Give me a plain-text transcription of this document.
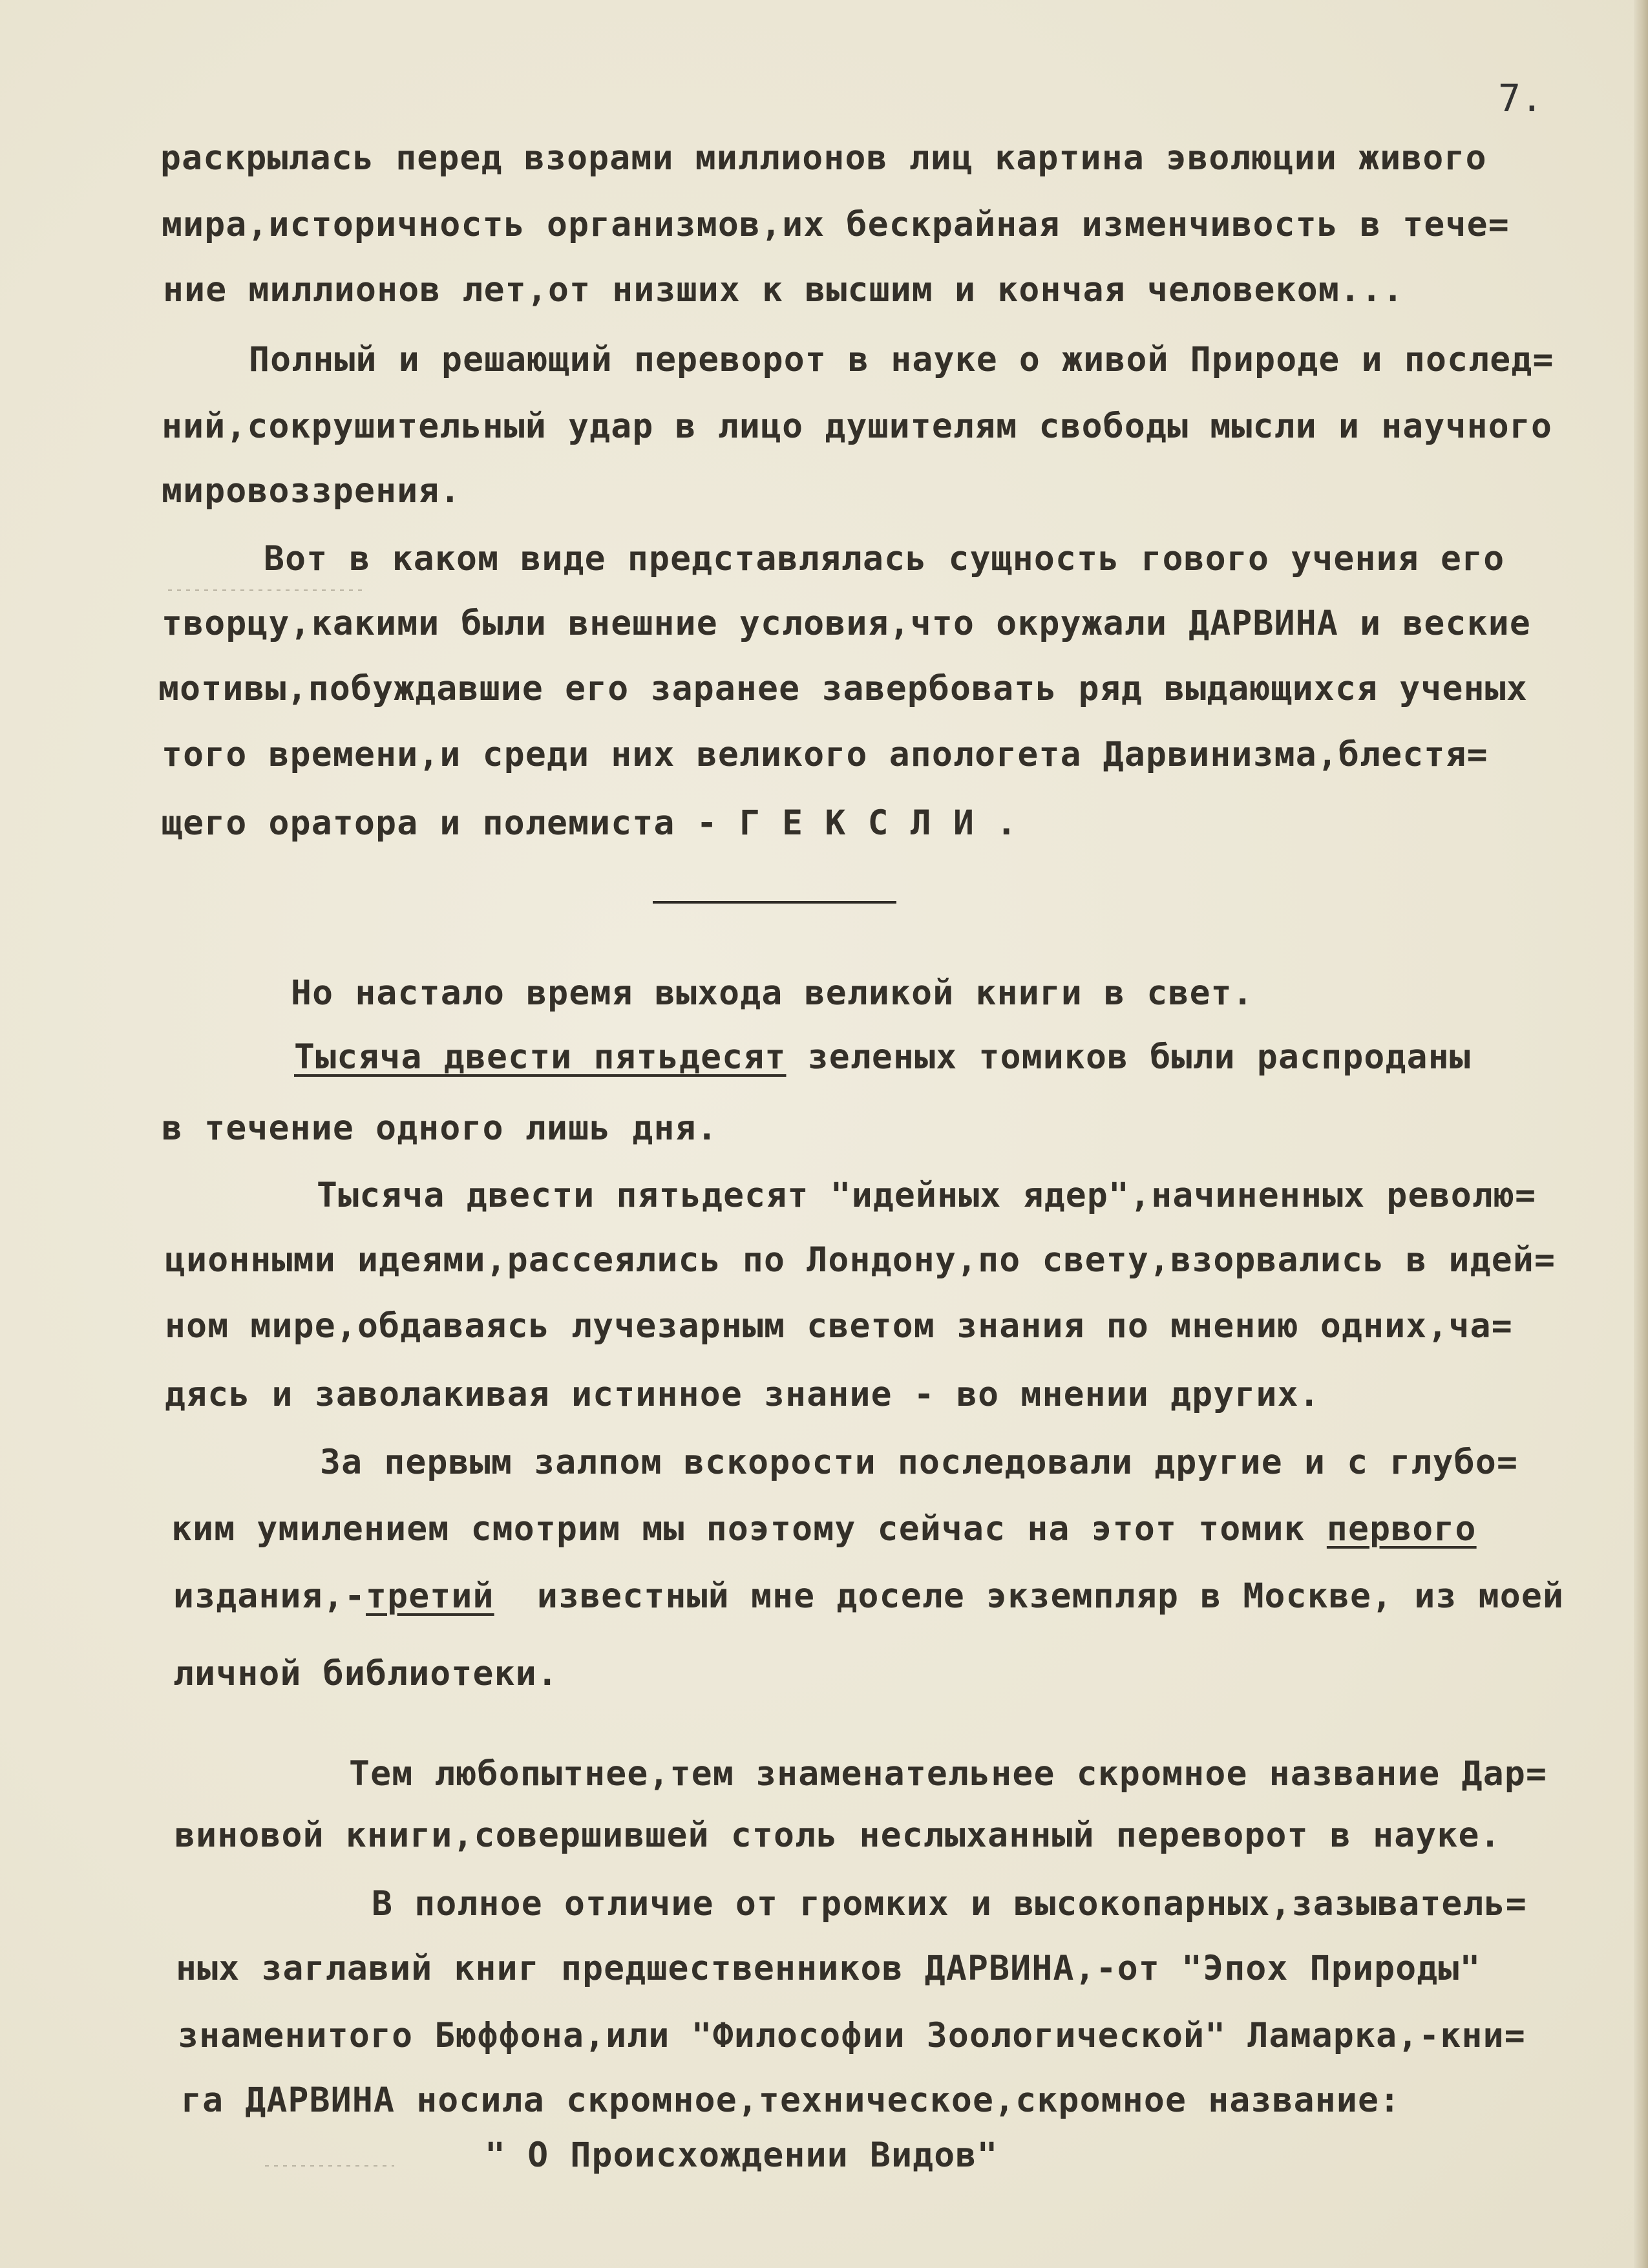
7.
раскрылась перед взорами миллионов лиц картина эволюции живого
мира,историчность организмов,их бескрайная изменчивость в тече=
ние миллионов лет,от низших к высшим и кончая человеком...
Полный и решающий переворот в науке о живой Природе и послед=
ний,сокрушительный удар в лицо душителям свободы мысли и научного
мировоззрения.
Вот в каком виде представлялась сущность гового учения его
творцу,какими были внешние условия,что окружали ДАРВИНА и веские
мотивы,побуждавшие его заранее завербовать ряд выдающихся ученых
того времени,и среди них великого апологета Дарвинизма,блестя=
щего оратора и полемиста - Г Е К С Л И .
Но настало время выхода великой книги в свет.
Тысяча двести пятьдесят зеленых томиков были распроданы
в течение одного лишь дня.
Тысяча двести пятьдесят "идейных ядер",начиненных револю=
ционными идеями,рассеялись по Лондону,по свету,взорвались в идей=
ном мире,обдаваясь лучезарным светом знания по мнению одних,ча=
дясь и заволакивая истинное знание - во мнении других.
За первым залпом вскорости последовали другие и с глубо=
ким умилением смотрим мы поэтому сейчас на этот томик первого
издания,-третий  известный мне доселе экземпляр в Москве, из моей
личной библиотеки.
Тем любопытнее,тем знаменательнее скромное название Дар=
виновой книги,совершившей столь неслыханный переворот в науке.
В полное отличие от громких и высокопарных,зазыватель=
ных заглавий книг предшественников ДАРВИНА,-от "Эпох Природы"
знаменитого Бюффона,или "Философии Зоологической" Ламарка,-кни=
га ДАРВИНА носила скромное,техническое,скромное название:
" О Происхождении Видов"
